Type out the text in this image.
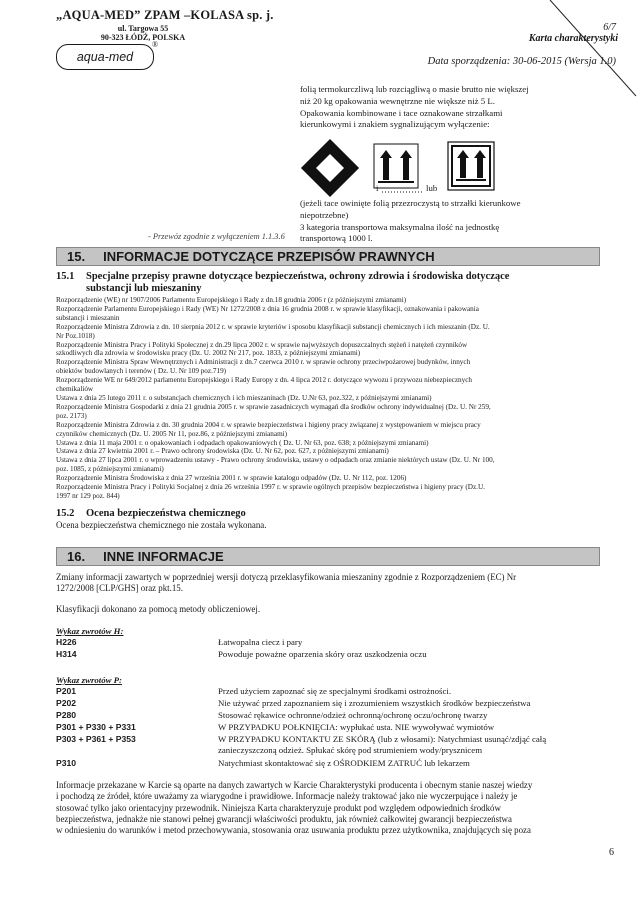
„AQUA-MED” ZPAM –KOLASA sp. j.
ul. Targowa 55
90-323 ŁÓDŹ, POLSKA
aqua-med
®
6/7
Karta charakterystyki
Data sporządzenia: 30-06-2015 (Wersja 1.0)
folią termokurczliwą lub rozciągliwą o masie brutto nie większej
niż 20 kg opakowania wewnętrzne nie większe niż 5 L.
Opakowania kombinowane i tace oznakowane strzałkami
kierunkowymi i znakiem sygnalizującym wyłączenie:
i	lub
(jeżeli tace owinięte folią przezroczystą to strzałki kierunkowe
niepotrzebne)
3 kategoria transportowa maksymalna ilość na jednostkę
transportową 1000 l.
- Przewóz zgodnie z wyłączeniem 1.1.3.6
15. INFORMACJE DOTYCZĄCE PRZEPISÓW PRAWNYCH
15.1 Specjalne przepisy prawne dotyczące bezpieczeństwa, ochrony zdrowia i środowiska dotyczące
substancji lub mieszaniny

Rozporządzenie (WE) nr 1907/2006 Parlamentu Europejskiego i Rady z dn.18 grudnia 2006 r (z późniejszymi zmianami)

Rozporządzenie Parlamentu Europejskiego i Rady (WE) Nr 1272/2008 z dnia 16 grudnia 2008 r. w sprawie klasyfikacji, oznakowania i pakowania

substancji i mieszanin

Rozporządzenie Ministra Zdrowia z dn. 10 sierpnia 2012 r. w sprawie kryteriów i sposobu klasyfikacji substancji chemicznych i ich mieszanin (Dz. U.

Nr Poz.1018)

Rozporządzenie Ministra Pracy i Polityki Społecznej z dn.29 lipca 2002 r. w sprawie najwyższych dopuszczalnych stężeń i natężeń czynników

szkodliwych dla zdrowia w środowisku pracy (Dz. U. 2002 Nr 217, poz. 1833, z późniejszymi zmianami)

Rozporządzenie Ministra Spraw Wewnętrznych i Administracji z dn.7 czerwca 2010 r. w sprawie ochrony przeciwpożarowej budynków, innych

obiektów budowlanych i terenów ( Dz. U. Nr 109 poz.719)

Rozporządzenie WE nr 649/2012 parlamentu Europejskiego i Rady Europy z dn. 4 lipca 2012 r. dotyczące wywozu i przywozu niebezpiecznych

chemikaliów

Ustawa z dnia 25 lutego 2011 r. o substancjach chemicznych i ich mieszaninach (Dz. U.Nr 63, poz.322, z późniejszymi zmianami)

Rozporządzenie Ministra Gospodarki z dnia 21 grudnia 2005 r. w sprawie zasadniczych wymagań dla środków ochrony indywidualnej (Dz. U. Nr 259,

poz. 2173)

Rozporządzenie Ministra Zdrowia z dn. 30 grudnia 2004 r. w sprawie bezpieczeństwa i higieny pracy związanej z występowaniem w miejscu pracy

czynników chemicznych (Dz. U. 2005 Nr 11, poz.86, z późniejszymi zmianami)

Ustawa z dnia 11 maja 2001 r. o opakowaniach i odpadach opakowaniowych ( Dz. U. Nr 63, poz. 638; z późniejszymi zmianami)

Ustawa z dnia 27 kwietnia 2001 r. – Prawo ochrony środowiska (Dz. U. Nr 62, poz. 627, z późniejszymi zmianami)

Ustawa z dnia 27 lipca 2001 r. o wprowadzeniu ustawy - Prawo ochrony środowiska, ustawy o odpadach oraz zmianie niektórych ustaw (Dz. U. Nr 100,

poz. 1085, z późniejszymi zmianami)

Rozporządzenie Ministra Środowiska z dnia 27 września 2001 r. w sprawie katalogu odpadów (Dz. U. Nr 112, poz. 1206)

Rozporządzenie Ministra Pracy i Polityki Socjalnej z dnia 26 września 1997 r. w sprawie ogólnych przepisów bezpieczeństwa i higieny pracy (Dz.U.

1997 nr 129 poz. 844)

15.2 Ocena bezpieczeństwa chemicznego
Ocena bezpieczeństwa chemicznego nie została wykonana.
16. INNE INFORMACJE

Zmiany informacji zawartych w poprzedniej wersji dotyczą przeklasyfikowania mieszaniny zgodnie z Rozporządzeniem (EC) Nr

1272/2008 [CLP/GHS] oraz pkt.15.

Klasyfikacji dokonano za pomocą metody obliczeniowej.
Wykaz zwrotów H:
H226	Łatwopalna ciecz i pary
H314	Powoduje poważne oparzenia skóry oraz uszkodzenia oczu
Wykaz zwrotów P:
P201	Przed użyciem zapoznać się ze specjalnymi środkami ostrożności.
P202	Nie używać przed zapoznaniem się i zrozumieniem wszystkich środków bezpieczeństwa
P280	Stosować rękawice ochronne/odzież ochronną/ochronę oczu/ochronę twarzy
P301 + P330 + P331	W PRZYPADKU POŁKNIĘCIA: wypłukać usta. NIE wywoływać wymiotów
P303 + P361 + P353	W PRZYPADKU KONTAKTU ZE SKÓRĄ (lub z włosami): Natychmiast usunąć/zdjąć całą
zanieczyszczoną odzież. Spłukać skórę pod strumieniem wody/prysznicem
P310	Natychmiast skontaktować się z OŚRODKIEM ZATRUĆ lub lekarzem

Informacje przekazane w Karcie są oparte na danych zawartych w Karcie Charakterystyki producenta i obecnym stanie naszej wiedzy

i pochodzą ze źródeł, które uważamy za wiarygodne i prawidłowe. Informacje należy traktować jako nie wyczerpujące i należy je

stosować tylko jako orientacyjny przewodnik. Niniejsza Karta charakteryzuje produkt pod względem odpowiednich środków

bezpieczeństwa, jednakże nie stanowi pełnej gwarancji właściwości produktu, jak również całkowitej gwarancji bezpieczeństwa

w odniesieniu do warunków i metod przechowywania, stosowania oraz usuwania produktu przez użytkownika, znajdujących się poza

6
